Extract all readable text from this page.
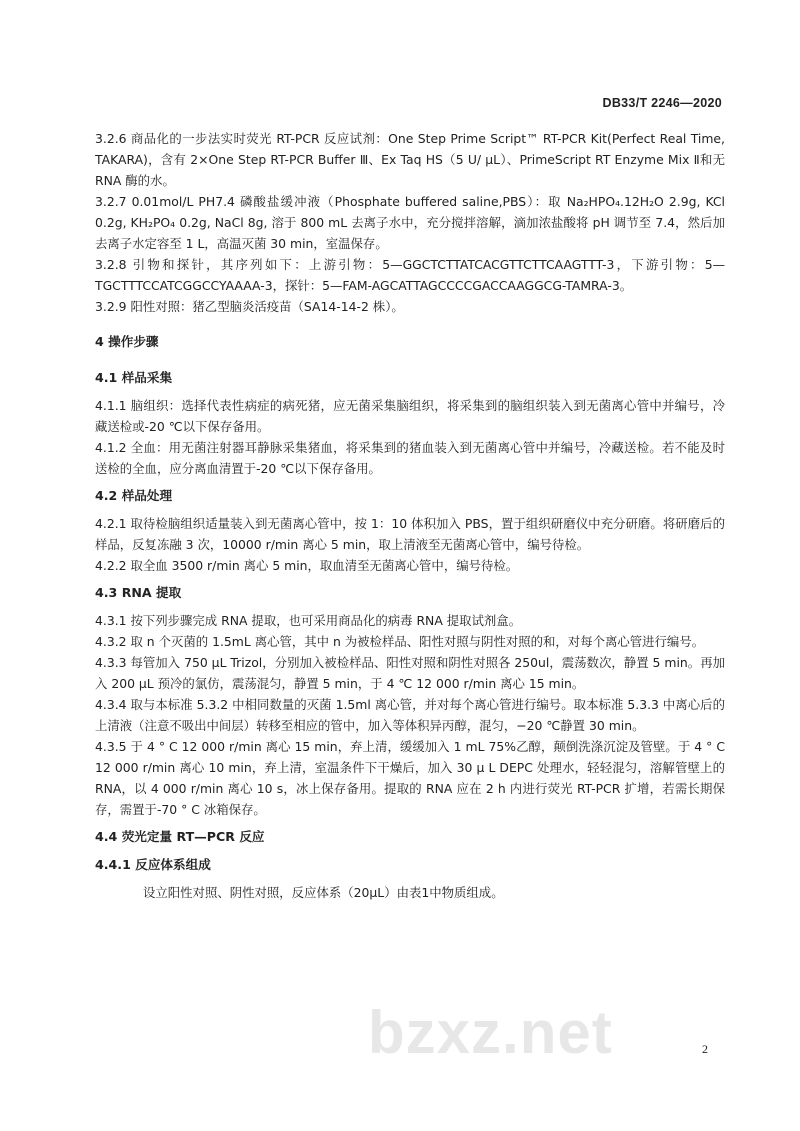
DB33/T 2246—2020

3.2.6 商品化的一步法实时荧光 RT-PCR 反应试剂：One Step Prime Script™ RT-PCR Kit(Perfect Real Time, TAKARA)，含有 2×One Step RT-PCR Buffer Ⅲ、Ex Taq HS（5 U/ μL）、PrimeScript RT Enzyme Mix Ⅱ和无 RNA 酶的水。

3.2.7 0.01mol/L PH7.4 磷酸盐缓冲液（Phosphate buffered saline,PBS）：取 Na₂HPO₄.12H₂O 2.9g, KCl 0.2g, KH₂PO₄ 0.2g, NaCl 8g, 溶于 800 mL 去离子水中，充分搅拌溶解，滴加浓盐酸将 pH 调节至 7.4，然后加去离子水定容至 1 L，高温灭菌 30 min，室温保存。

3.2.8 引物和探针，其序列如下：上游引物：5—GGCTCTTATCACGTTCTTCAAGTTT-3，下游引物：5—TGCTTTCCATCGGCCYAAAA-3，探针：5—FAM-AGCATTAGCCCCGACCAAGGCG-TAMRA-3。

3.2.9 阳性对照：猪乙型脑炎活疫苗（SA14-14-2 株）。

4 操作步骤

4.1 样品采集

4.1.1 脑组织：选择代表性病症的病死猪，应无菌采集脑组织，将采集到的脑组织装入到无菌离心管中并编号，冷藏送检或-20 ℃以下保存备用。

4.1.2 全血：用无菌注射器耳静脉采集猪血，将采集到的猪血装入到无菌离心管中并编号，冷藏送检。若不能及时送检的全血，应分离血清置于-20 ℃以下保存备用。

4.2 样品处理

4.2.1 取待检脑组织适量装入到无菌离心管中，按 1：10 体积加入 PBS，置于组织研磨仪中充分研磨。将研磨后的样品，反复冻融 3 次，10000 r/min 离心 5 min，取上清液至无菌离心管中，编号待检。

4.2.2 取全血 3500 r/min 离心 5 min，取血清至无菌离心管中，编号待检。

4.3 RNA 提取

4.3.1 按下列步骤完成 RNA 提取，也可采用商品化的病毒 RNA 提取试剂盒。

4.3.2 取 n 个灭菌的 1.5mL 离心管，其中 n 为被检样品、阳性对照与阴性对照的和，对每个离心管进行编号。

4.3.3 每管加入 750 μL Trizol，分别加入被检样品、阳性对照和阴性对照各 250ul，震荡数次，静置 5 min。再加入 200 μL 预冷的氯仿，震荡混匀，静置 5 min，于 4 ℃ 12 000 r/min 离心 15 min。

4.3.4 取与本标准 5.3.2 中相同数量的灭菌 1.5ml 离心管，并对每个离心管进行编号。取本标准 5.3.3 中离心后的上清液（注意不吸出中间层）转移至相应的管中，加入等体积异丙醇，混匀，−20 ℃静置 30 min。

4.3.5 于 4 ° C 12 000 r/min 离心 15 min，弃上清，缓缓加入 1 mL 75%乙醇，颠倒洗涤沉淀及管壁。于 4 ° C 12 000 r/min 离心 10 min，弃上清，室温条件下干燥后，加入 30 μ L DEPC 处理水，轻轻混匀，溶解管壁上的 RNA，以 4 000 r/min 离心 10 s，冰上保存备用。提取的 RNA 应在 2 h 内进行荧光 RT-PCR 扩增，若需长期保存，需置于-70 ° C 冰箱保存。

4.4 荧光定量 RT—PCR 反应

4.4.1 反应体系组成

设立阳性对照、阴性对照，反应体系（20μL）由表1中物质组成。

bzxz.net	2
